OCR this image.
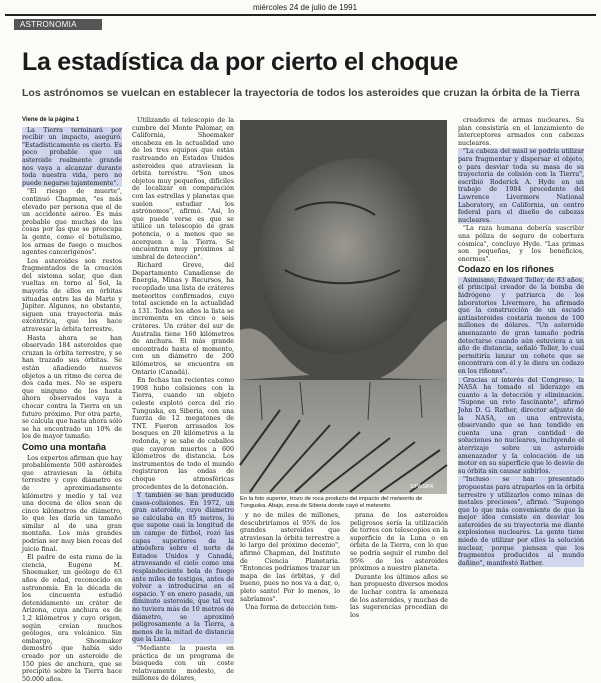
miércoles 24 de julio de 1991
ASTRONOMIA
La estadística da por cierto el choque
Los astrónomos se vuelcan en establecer la trayectoria de todos los asteroides que cruzan la órbita de la Tierra

Viene de la página 1

La Tierra terminará por recibir un impacto, aseguró. "Estadísticamente es cierto. Es poco probable que un asteroide realmente grande nos vaya a alcanzar durante toda nuestra vida, pero no puede negarse tajantemente".

"El riesgo de muerte", continuó Chapman, "es más elevado per persona que el de un accidente aéreo. Es más probable que muchas de las cosas por las que se preocupa la gente, como el botulismo, los armas de fuego o muchos agentes cancerígenos".

Los asteroides son restos fragmentados de la creación del sistema solar, que dan vueltas en torno al Sol, la mayoría de ellos en órbitas situadas entre las de Marte y Júpiter. Algunos, no obstante, siguen una trayectoria más excéntrica, que los hace atravesar la órbita terrestre.

Hasta ahora se han observado 184 asteroides que cruzan la órbita terrestre, y se han trazado sus órbitas. Se están añadiendo nuevos objetos a un ritmo de cerca de dos cada mes. No se espera que ninguno de los hasta ahora observados vaya a chocar contra la Tierra en un futuro próximo. Por otra parte, se calcula que hasta ahora sólo se ha encontrado un 10% de los de mayor tamaño.

Como una montaña

Los expertos afirman que hay probablemente 500 asteroides que atraviesan la órbita terrestre y cuyo diámetro es de aproximadamente kilómetro y medio y tal vez una docena de ellos sean de cinco kilómetros de diámetro, lo que les daría un tamaño similar al de una gran montaña. Los más grandes podrían ser muy bien rocas del juicio final.

El padre de esta rama de la ciencia, Eugene M. Shoemaker, un geólogo de 63 años de edad, reconocido en astronomía. En la década de los cincuenta estudió detenidamente un cráter de Arizona, cuya anchura es de 1,2 kilómetros y cuyo origen, según creían muchos geólogos, era volcánico. Sin embargo, Shoemaker demostró que había sido creado por un asteroide de 150 pies de anchura, que se precipitó sobre la Tierra hace 50.000 años.

Utilizando el telescopio de la cumbre del Monte Palomar, en California, Shoemaker encabeza en la actualidad uno de los tres equipos que están rastreando en Estados Unidos asteroides que atraviesan la órbita terrestre. "Son unos objetos muy pequeños, difíciles de localizar en comparación con las estrellas y planetas que suelen estudiar los astrónomos", afirmó. "Así, lo que puede verse es que se utilice un telescopio de gran potencia, o a menos que se acerquen a la Tierra. Se encuentran muy próximos al umbral de detección".

Richard Greve, del Departamento Canadiense de Energía, Minas y Recursos, ha recopilado una lista de cráteres meteoritos confirmados, cuyo total asciende en la actualidad a 131. Todos los años la lista se incrementa en cinco o seis cráteres. Un cráter del sur de Australia tiene 160 kilómetros de anchura. El más grande encontrado hasta el momento, con un diámetro de 200 kilómetros, se encuentra en Ontario (Canadá).

En fechas tan recientes como 1908 hubo colisiones con la Tierra, cuando un objeto celeste explotó cerca del río Tunguska, en Siberia, con una fuerza de 12 megatones de TNT. Fueron arrasados los bosques en 20 kilómetros a la redonda, y se sabe de caballos que cayeron muertos a 600 kilómetros de distancia. Los instrumentos de todo el mundo registraron las ondas de choque atmosféricas procedentes de la detonación.

Y también se han producido casos-colisiones. En 1972, un gran asteroide, cuyo diámetro se calculaba en 85 metros, lo que supone casi la longitud de un campo de fútbol, rozó las capas superiores de la atmósfera sobre el norte de Estados Unidos y Canadá, atravesando el cielo como una resplandeciente bola de fuego ante miles de testigos, antes de volver a introducirse en el espacio. Y en enero pasado, un diminuto asteroide, que tal vez no tuviera más de 10 metros de diámetro, se aproximó peligrosamente a la Tierra, a menos de la mitad de distancia que la Luna.

"Mediante la puesta en práctica de un programa de búsqueda con un coste relativamente modesto, de millones de dólares,

SIPA/SIPA
En la foto superior, trozo de roca producto del impacto del meteorito de Tunguska. Abajo, zona de Siberia donde cayó el meteorito.

y no de miles de millones, descubriríamos el 95% de los grandes asteroides que atraviesan la órbita terrestre a lo largo del próximo decenio", afirmó Chapman, del Instituto de Ciencia Planetaria. "Entonces podríamos trazar un mapa de las órbitas, y del bueno, pues no nos va a dar, o, pleto santo! Por lo menos, lo sabríamos".

Una forma de detección tem-

prana de los asteroides peligrosos sería la utilización de torres con telescopios en la superficie de la Luna o en órbita de la Tierra, con lo que se podría seguir el rumbo del 95% de los asteroides próximos a nuestro planeta.

Durante los últimos años se han propuesto diversos modos de luchar contra la amenaza de los asteroides, y muchas de las sugerencias procedían de los

creadores de armas nucleares. Su plan consistiría en el lanzamiento de interceptores armados con cabezas nucleares.

"La cabeza del misil se podría utilizar para fragmentar y dispersar el objeto, o para desviar toda su masa de su trayectoria de colisión con la Tierra", escribió Roderick A. Hyde en un trabajo de 1984 procedente del Lawrence Livermore National Laboratory, en California, un centro federal para el diseño de cabezas nucleares.

"La raza humana debería suscribir una póliza de seguro de cobertura cósmica", concluye Hyde. "Las primas son pequeñas, y los beneficios, enormes".

Codazo en los riñones

Asimismo, Edward Teller, de 83 años, el principal creador de la bomba de hidrógeno y patriarca de los laboratorios Livermore, ha afirmado que la construcción de un escudo antiasteroides costaría menos de 100 millones de dólares. "Un asteroide amenazante de gran tamaño podría detectarse cuando aún estuviera a un año de distancia, señaló Teller, lo cual permitiría lanzar un cohete que se encontrara con él y le diera un codazo en los riñones".

Gracias al interés del Congreso, la NASA ha tomado el liderazgo en cuanto a la detección y eliminación. "Supone un reto fascinante", afirmó John D. G. Rather, director adjunto de la NASA, en una entrevista, observando que se han tendido en cuenta una gran cantidad de soluciones no nucleares, incluyendo el aterrizaje sobre un asteroide amenazador y la colocación de un motor en su superficie que lo desvíe de su órbita sin causar subirlos.

"Incluso se han presentado propuestas para atraparlos en la órbita terrestre y utilizarlos como minas de metales preciosos", afirmó. "Supongo que lo que más conveniente de que la mejor idea consiste en desviar los asteroides de su trayectoria me diante explosiones nucleares. La gente tiene miedo de utilizar por ellos la solución nuclear, porque piensan que los fragmentos producidos al mundo dañino", manifestó Rather.
